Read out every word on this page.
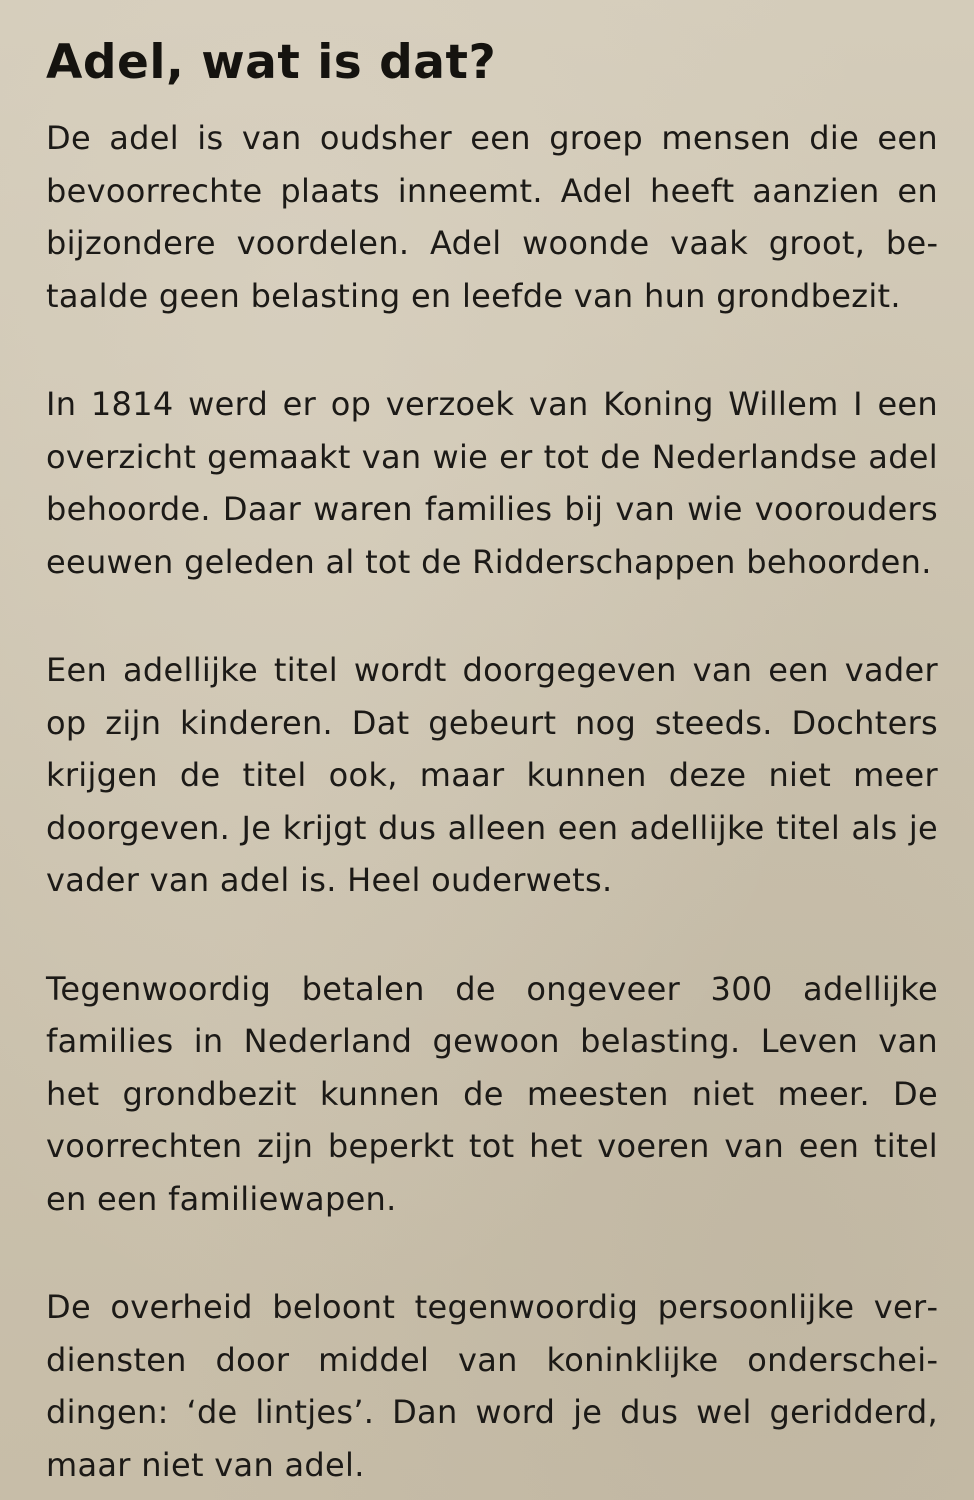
Adel, wat is dat?

De adel is van oudsher een groep mensen die een bevoorrechte plaats inneemt. Adel heeft aanzien en bijzondere voordelen. Adel woonde vaak groot, betaalde geen belasting en leefde van hun grondbezit.

In 1814 werd er op verzoek van Koning Willem I een overzicht gemaakt van wie er tot de Nederlandse adel behoorde. Daar waren families bij van wie voorouders eeuwen geleden al tot de Ridderschappen behoorden.

Een adellijke titel wordt doorgegeven van een vader op zijn kinderen. Dat gebeurt nog steeds. Dochters krijgen de titel ook, maar kunnen deze niet meer doorgeven. Je krijgt dus alleen een adellijke titel als je vader van adel is. Heel ouderwets.

Tegenwoordig betalen de ongeveer 300 adellijke families in Nederland gewoon belasting. Leven van het grondbezit kunnen de meesten niet meer. De voorrechten zijn beperkt tot het voeren van een titel en een familiewapen.

De overheid beloont tegenwoordig persoonlijke verdiensten door middel van koninklijke onderscheidingen: ‘de lintjes’. Dan word je dus wel geridderd, maar niet van adel.
